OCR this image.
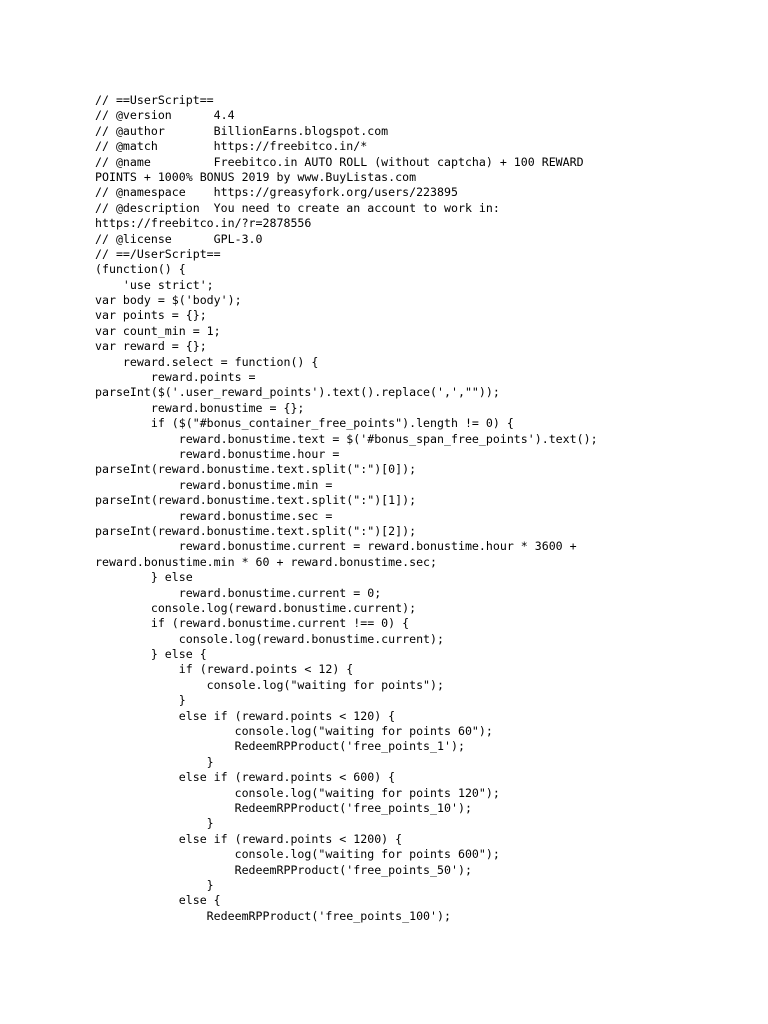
// ==UserScript==
// @version      4.4
// @author       BillionEarns.blogspot.com
// @match        https://freebitco.in/*
// @name         Freebitco.in AUTO ROLL (without captcha) + 100 REWARD
POINTS + 1000% BONUS 2019 by www.BuyListas.com
// @namespace    https://greasyfork.org/users/223895
// @description  You need to create an account to work in:
https://freebitco.in/?r=2878556
// @license      GPL-3.0
// ==/UserScript==
(function() {
'use strict';
var body = $('body');
var points = {};
var count_min = 1;
var reward = {};
reward.select = function() {
reward.points =
parseInt($('.user_reward_points').text().replace(',',""));
reward.bonustime = {};
if ($("#bonus_container_free_points").length != 0) {
reward.bonustime.text = $('#bonus_span_free_points').text();
reward.bonustime.hour =
parseInt(reward.bonustime.text.split(":")[0]);
reward.bonustime.min =
parseInt(reward.bonustime.text.split(":")[1]);
reward.bonustime.sec =
parseInt(reward.bonustime.text.split(":")[2]);
reward.bonustime.current = reward.bonustime.hour * 3600 +
reward.bonustime.min * 60 + reward.bonustime.sec;
} else
reward.bonustime.current = 0;
console.log(reward.bonustime.current);
if (reward.bonustime.current !== 0) {
console.log(reward.bonustime.current);
} else {
if (reward.points < 12) {
console.log("waiting for points");
}
else if (reward.points < 120) {
console.log("waiting for points 60");
RedeemRPProduct('free_points_1');
}
else if (reward.points < 600) {
console.log("waiting for points 120");
RedeemRPProduct('free_points_10');
}
else if (reward.points < 1200) {
console.log("waiting for points 600");
RedeemRPProduct('free_points_50');
}
else {
RedeemRPProduct('free_points_100');
